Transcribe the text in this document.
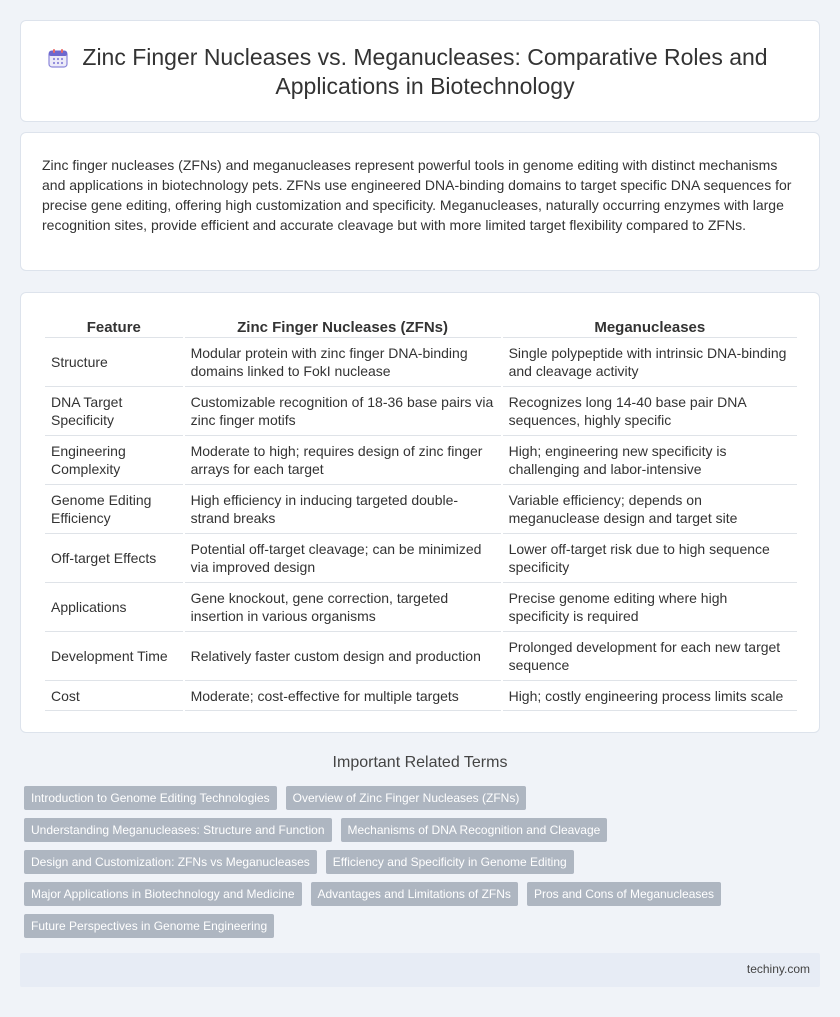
Zinc Finger Nucleases vs. Meganucleases: Comparative Roles and Applications in Biotechnology

Zinc finger nucleases (ZFNs) and meganucleases represent powerful tools in genome editing with distinct mechanisms and applications in biotechnology pets. ZFNs use engineered DNA-binding domains to target specific DNA sequences for precise gene editing, offering high customization and specificity. Meganucleases, naturally occurring enzymes with large recognition sites, provide efficient and accurate cleavage but with more limited target flexibility compared to ZFNs.

Feature	Zinc Finger Nucleases (ZFNs)	Meganucleases
Structure	Modular protein with zinc finger DNA-binding domains linked to FokI nuclease	Single polypeptide with intrinsic DNA-binding and cleavage activity
DNA Target Specificity	Customizable recognition of 18-36 base pairs via zinc finger motifs	Recognizes long 14-40 base pair DNA sequences, highly specific
Engineering Complexity	Moderate to high; requires design of zinc finger arrays for each target	High; engineering new specificity is challenging and labor-intensive
Genome Editing Efficiency	High efficiency in inducing targeted double-strand breaks	Variable efficiency; depends on meganuclease design and target site
Off-target Effects	Potential off-target cleavage; can be minimized via improved design	Lower off-target risk due to high sequence specificity
Applications	Gene knockout, gene correction, targeted insertion in various organisms	Precise genome editing where high specificity is required
Development Time	Relatively faster custom design and production	Prolonged development for each new target sequence
Cost	Moderate; cost-effective for multiple targets	High; costly engineering process limits scale
Important Related Terms
Introduction to Genome Editing Technologies	Overview of Zinc Finger Nucleases (ZFNs)
Understanding Meganucleases: Structure and Function	Mechanisms of DNA Recognition and Cleavage
Design and Customization: ZFNs vs Meganucleases	Efficiency and Specificity in Genome Editing
Major Applications in Biotechnology and Medicine	Advantages and Limitations of ZFNs	Pros and Cons of Meganucleases
Future Perspectives in Genome Engineering
techiny.com
